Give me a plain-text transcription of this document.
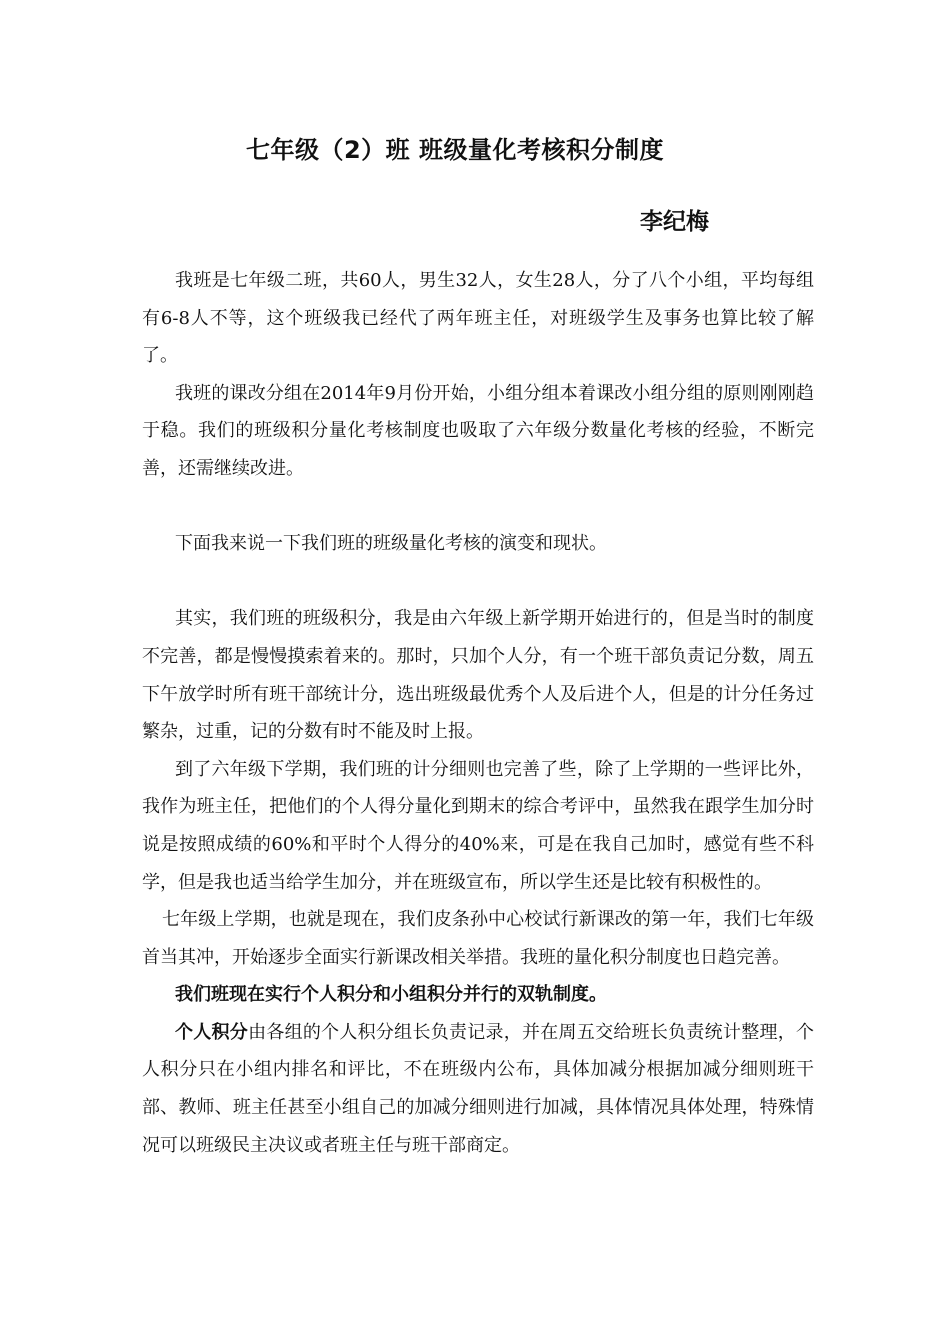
七年级（2）班 班级量化考核积分制度
李纪梅

我班是七年级二班，共60人，男生32人，女生28人，分了八个小组，平均每组有6-8人不等，这个班级我已经代了两年班主任，对班级学生及事务也算比较了解了。

我班的课改分组在2014年9月份开始，小组分组本着课改小组分组的原则刚刚趋于稳。我们的班级积分量化考核制度也吸取了六年级分数量化考核的经验，不断完善，还需继续改进。

下面我来说一下我们班的班级量化考核的演变和现状。

其实，我们班的班级积分，我是由六年级上新学期开始进行的，但是当时的制度不完善，都是慢慢摸索着来的。那时，只加个人分，有一个班干部负责记分数，周五下午放学时所有班干部统计分，选出班级最优秀个人及后进个人，但是的计分任务过繁杂，过重，记的分数有时不能及时上报。

到了六年级下学期，我们班的计分细则也完善了些，除了上学期的一些评比外，我作为班主任，把他们的个人得分量化到期末的综合考评中，虽然我在跟学生加分时说是按照成绩的60%和平时个人得分的40%来，可是在我自己加时，感觉有些不科学，但是我也适当给学生加分，并在班级宣布，所以学生还是比较有积极性的。

七年级上学期，也就是现在，我们皮条孙中心校试行新课改的第一年，我们七年级首当其冲，开始逐步全面实行新课改相关举措。我班的量化积分制度也日趋完善。

我们班现在实行个人积分和小组积分并行的双轨制度。

个人积分由各组的个人积分组长负责记录，并在周五交给班长负责统计整理，个人积分只在小组内排名和评比，不在班级内公布，具体加减分根据加减分细则班干部、教师、班主任甚至小组自己的加减分细则进行加减，具体情况具体处理，特殊情况可以班级民主决议或者班主任与班干部商定。
